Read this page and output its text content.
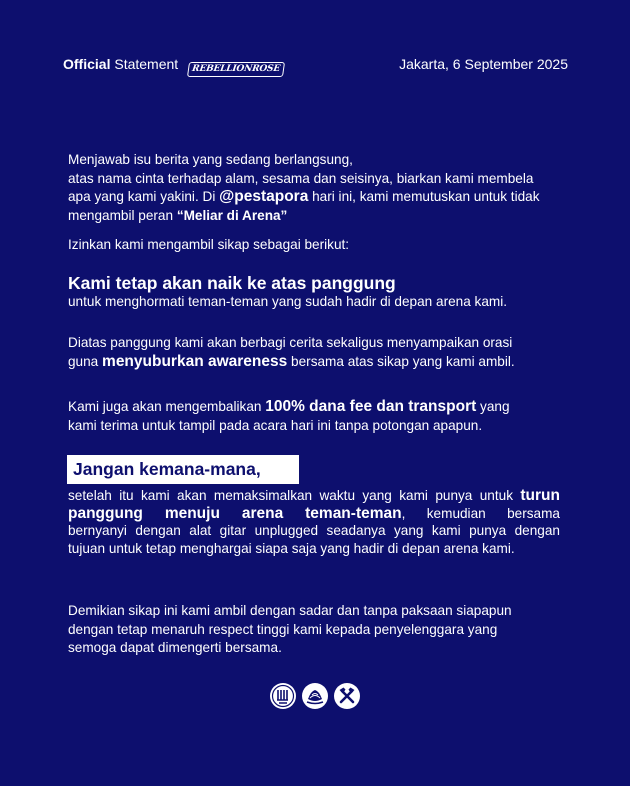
Official Statement REBELLIONROSE	Jakarta, 6 September 2025
Menjawab isu berita yang sedang berlangsung,
atas nama cinta terhadap alam, sesama dan seisinya, biarkan kami membela
apa yang kami yakini. Di @pestapora hari ini, kami memutuskan untuk tidak
mengambil peran “Meliar di Arena”
Izinkan kami mengambil sikap sebagai berikut:
Kami tetap akan naik ke atas panggung
untuk menghormati teman-teman yang sudah hadir di depan arena kami.
Diatas panggung kami akan berbagi cerita sekaligus menyampaikan orasi
guna menyuburkan awareness bersama atas sikap yang kami ambil.
Kami juga akan mengembalikan 100% dana fee dan transport yang
kami terima untuk tampil pada acara hari ini tanpa potongan apapun.
Jangan kemana-mana,
setelah itu kami akan memaksimalkan waktu yang kami punya untuk turun
panggung menuju arena teman-teman, kemudian bersama
bernyanyi dengan alat gitar unplugged seadanya yang kami punya dengan
tujuan untuk tetap menghargai siapa saja yang hadir di depan arena kami.
Demikian sikap ini kami ambil dengan sadar dan tanpa paksaan siapapun
dengan tetap menaruh respect tinggi kami kepada penyelenggara yang
semoga dapat dimengerti bersama.
